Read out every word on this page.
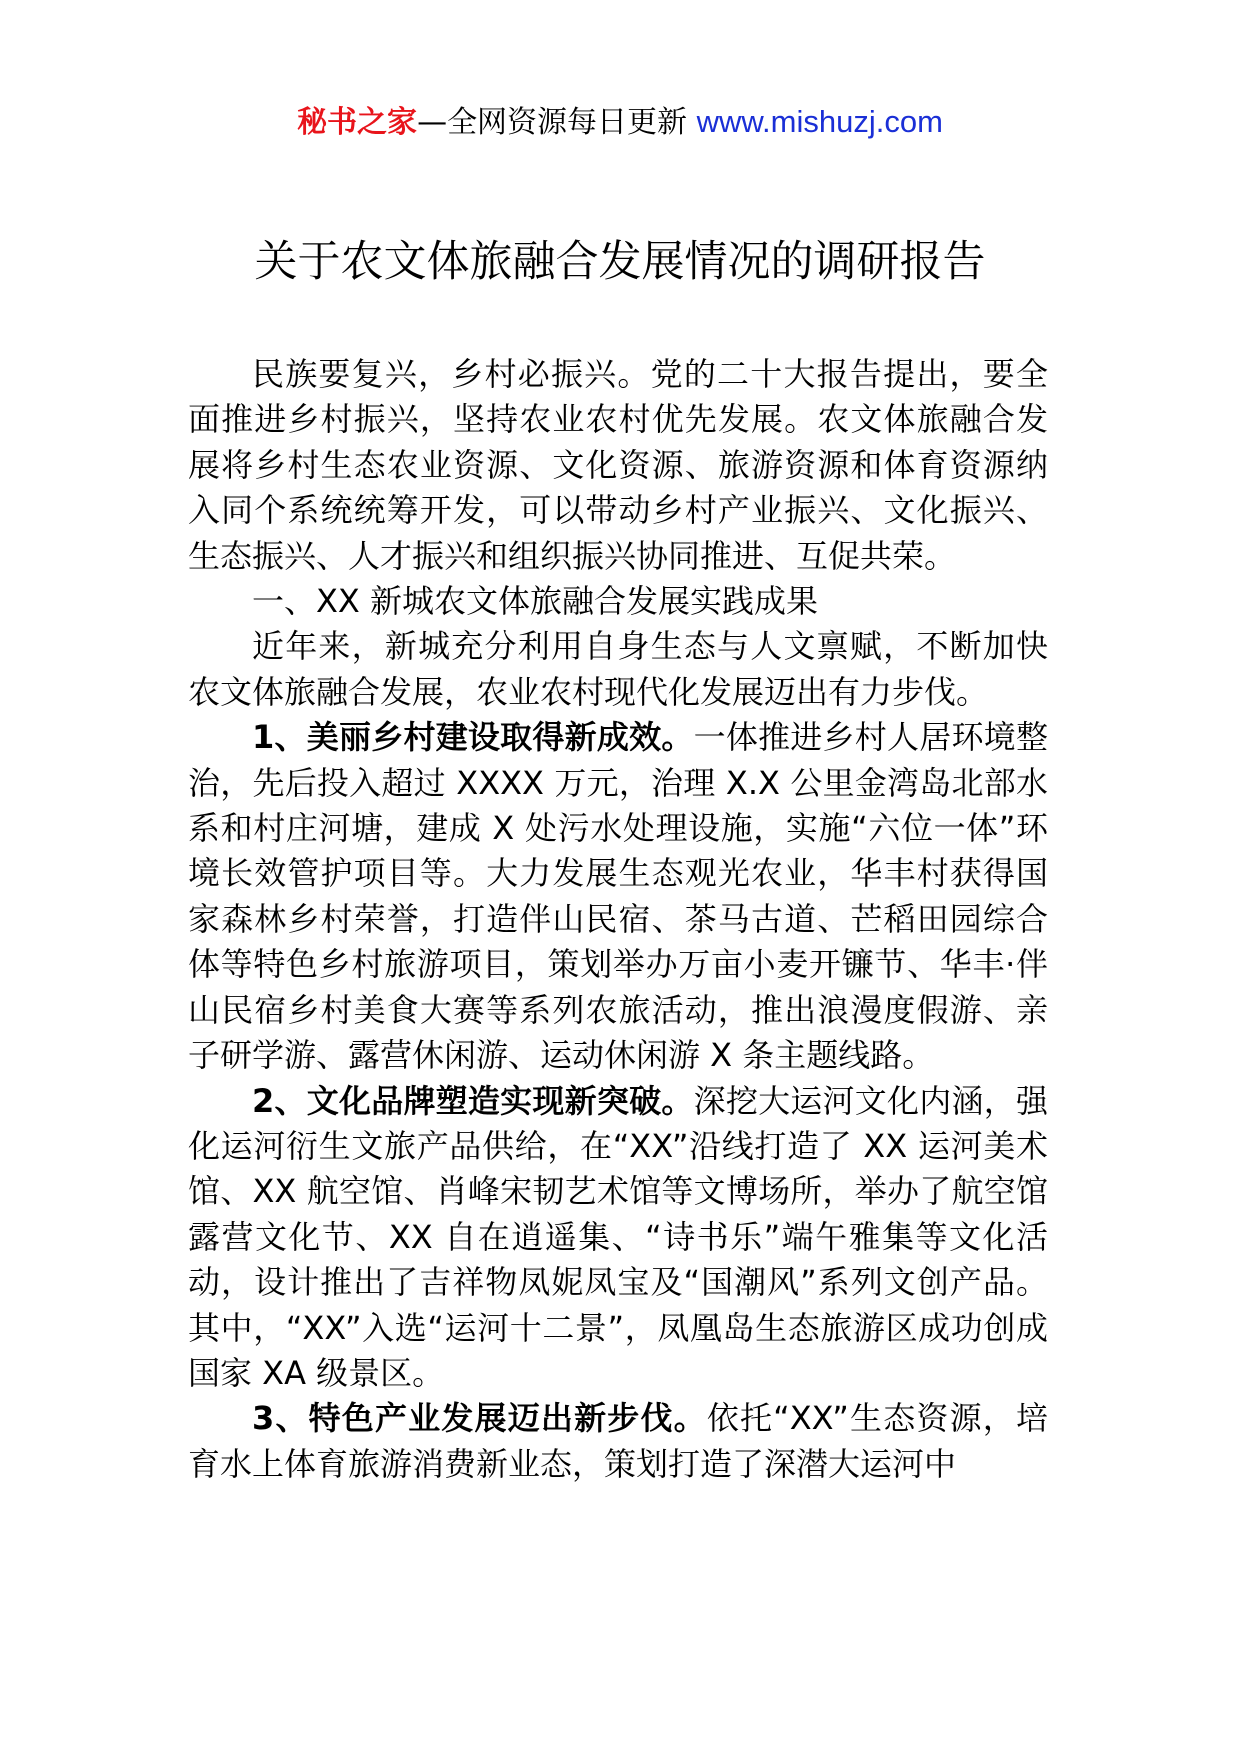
秘书之家—全网资源每日更新 www.mishuzj.com
关于农文体旅融合发展情况的调研报告

民族要复兴，乡村必振兴。党的二十大报告提出，要全面推进乡村振兴，坚持农业农村优先发展。农文体旅融合发展将乡村生态农业资源、文化资源、旅游资源和体育资源纳入同个系统统筹开发，可以带动乡村产业振兴、文化振兴、生态振兴、人才振兴和组织振兴协同推进、互促共荣。

一、XX 新城农文体旅融合发展实践成果

近年来，新城充分利用自身生态与人文禀赋，不断加快农文体旅融合发展，农业农村现代化发展迈出有力步伐。

1、美丽乡村建设取得新成效。一体推进乡村人居环境整治，先后投入超过 XXXX 万元，治理 X.X 公里金湾岛北部水系和村庄河塘，建成 X 处污水处理设施，实施“六位一体”环境长效管护项目等。大力发展生态观光农业，华丰村获得国家森林乡村荣誉，打造伴山民宿、茶马古道、芒稻田园综合体等特色乡村旅游项目，策划举办万亩小麦开镰节、华丰·伴山民宿乡村美食大赛等系列农旅活动，推出浪漫度假游、亲子研学游、露营休闲游、运动休闲游 X 条主题线路。

2、文化品牌塑造实现新突破。深挖大运河文化内涵，强化运河衍生文旅产品供给，在“XX”沿线打造了 XX 运河美术馆、XX 航空馆、肖峰宋韧艺术馆等文博场所，举办了航空馆露营文化节、XX 自在逍遥集、“诗书乐”端午雅集等文化活动，设计推出了吉祥物凤妮凤宝及“国潮风”系列文创产品。其中，“XX”入选“运河十二景”，凤凰岛生态旅游区成功创成国家 XA 级景区。

3、特色产业发展迈出新步伐。依托“XX”生态资源，培育水上体育旅游消费新业态，策划打造了深潜大运河中
